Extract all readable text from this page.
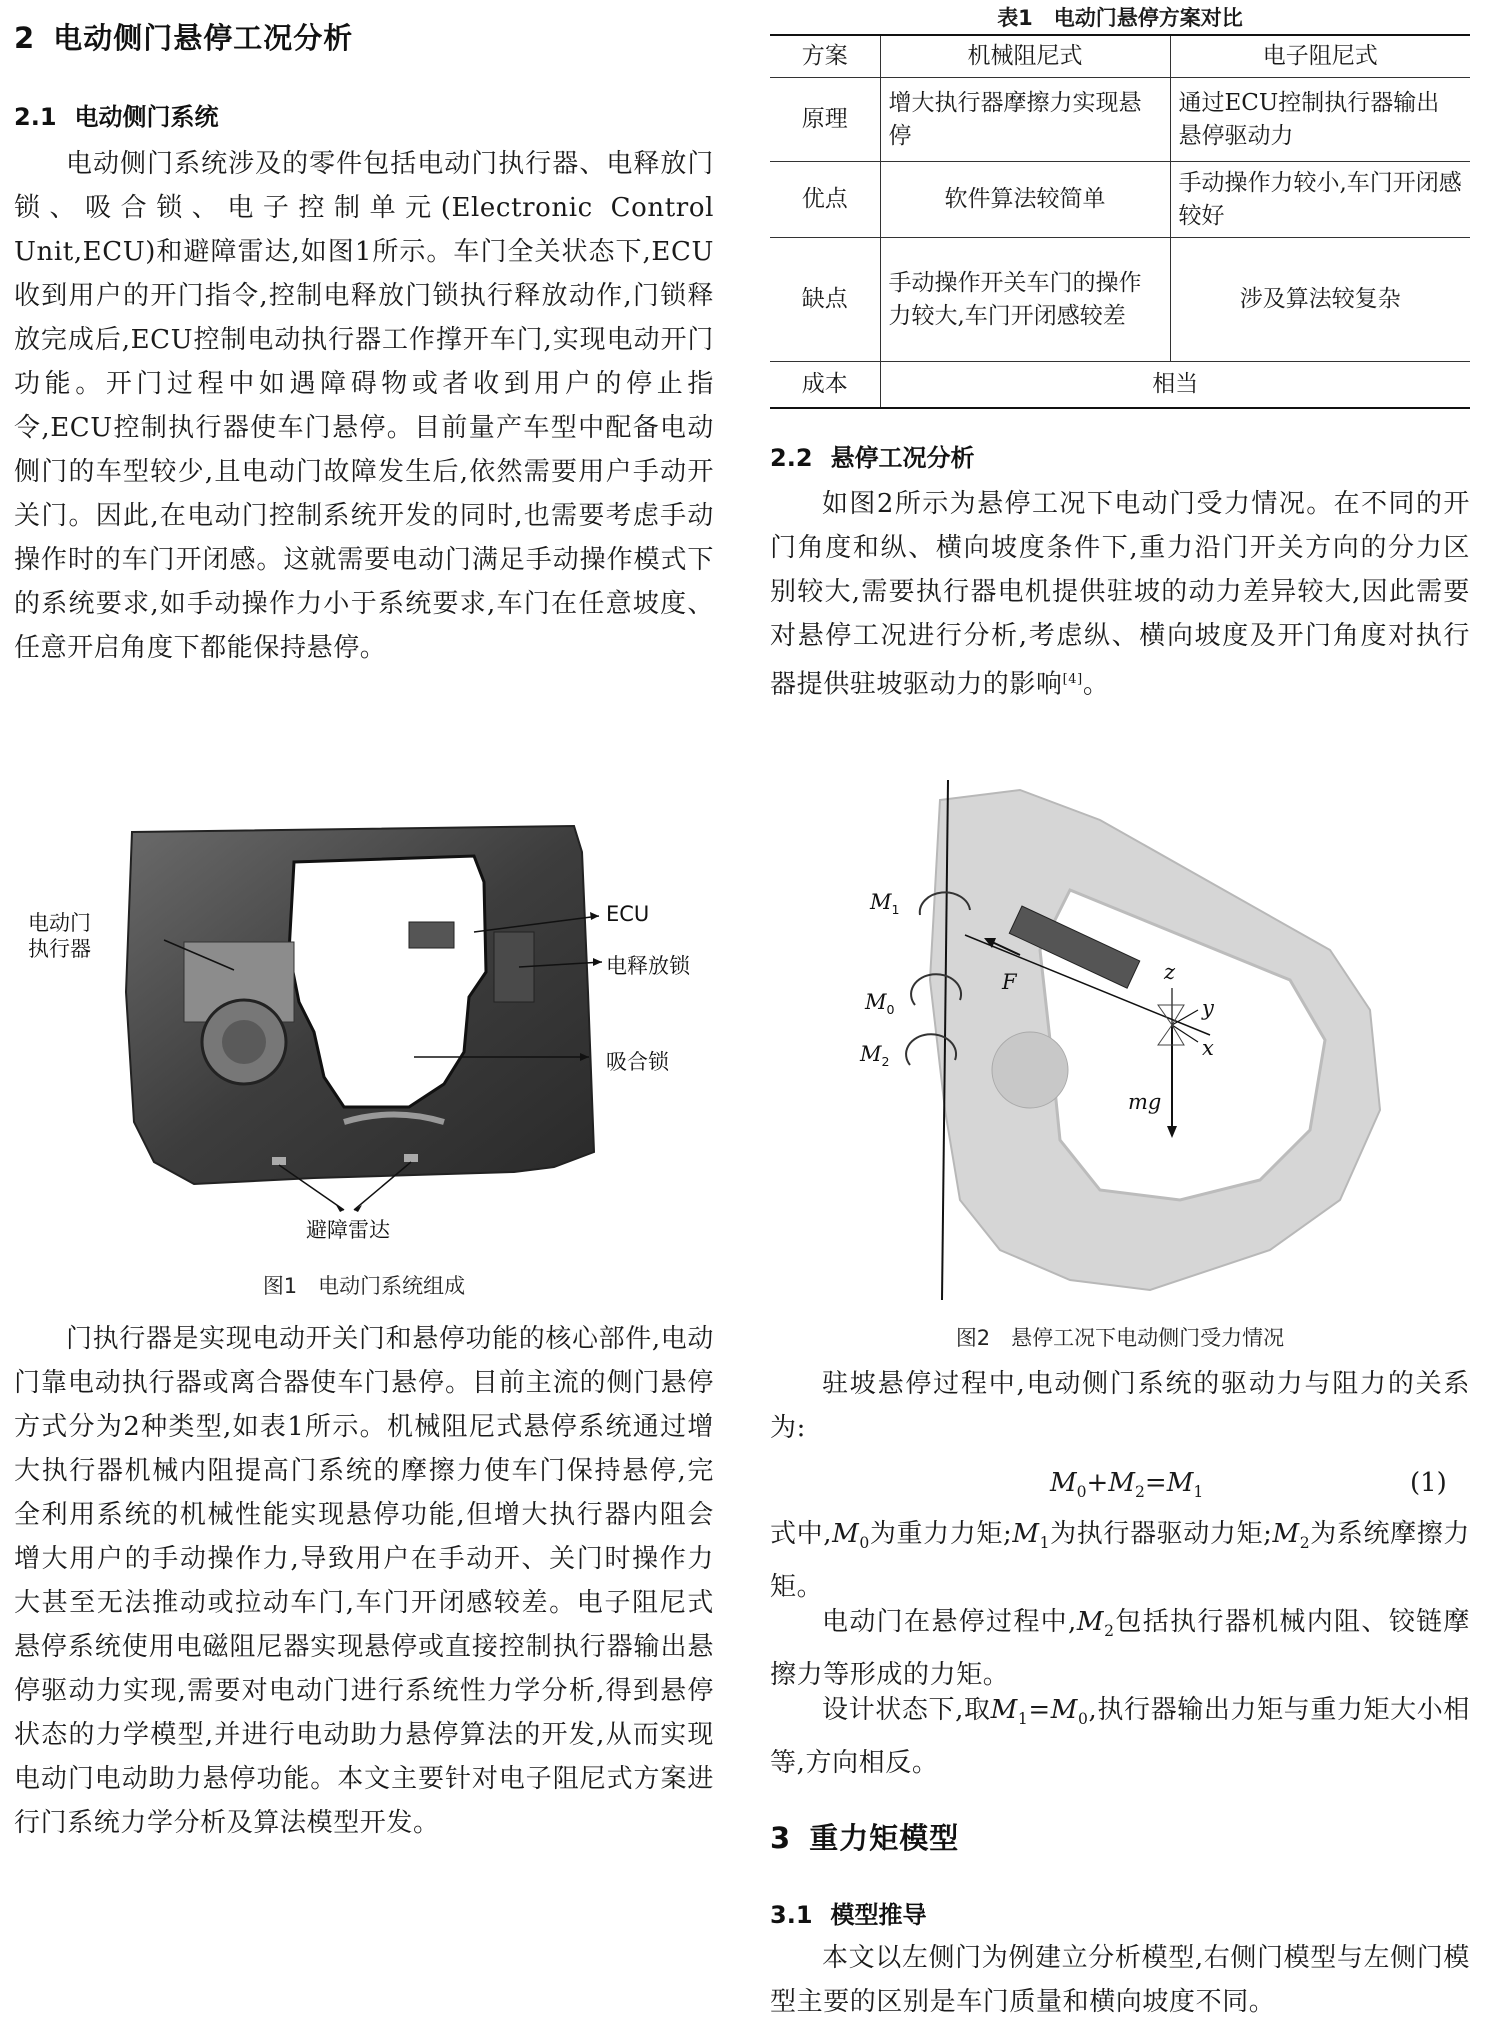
2 电动侧门悬停工况分析
2.1 电动侧门系统

电动侧门系统涉及的零件包括电动门执行器、电释放门锁、吸合锁、电子控制单元(Electronic Control Unit,ECU)和避障雷达,如图1所示。车门全关状态下,ECU收到用户的开门指令,控制电释放门锁执行释放动作,门锁释放完成后,ECU控制电动执行器工作撑开车门,实现电动开门功能。开门过程中如遇障碍物或者收到用户的停止指令,ECU控制执行器使车门悬停。目前量产车型中配备电动侧门的车型较少,且电动门故障发生后,依然需要用户手动开关门。因此,在电动门控制系统开发的同时,也需要考虑手动操作时的车门开闭感。这就需要电动门满足手动操作模式下的系统要求,如手动操作力小于系统要求,车门在任意坡度、任意开启角度下都能保持悬停。

电动门
执行器
ECU
电释放锁
吸合锁
避障雷达
图1　电动门系统组成

门执行器是实现电动开关门和悬停功能的核心部件,电动门靠电动执行器或离合器使车门悬停。目前主流的侧门悬停方式分为2种类型,如表1所示。机械阻尼式悬停系统通过增大执行器机械内阻提高门系统的摩擦力使车门保持悬停,完全利用系统的机械性能实现悬停功能,但增大执行器内阻会增大用户的手动操作力,导致用户在手动开、关门时操作力大甚至无法推动或拉动车门,车门开闭感较差。电子阻尼式悬停系统使用电磁阻尼器实现悬停或直接控制执行器输出悬停驱动力实现,需要对电动门进行系统性力学分析,得到悬停状态的力学模型,并进行电动助力悬停算法的开发,从而实现电动门电动助力悬停功能。本文主要针对电子阻尼式方案进行门系统力学分析及算法模型开发。

表1　电动门悬停方案对比
方案	机械阻尼式	电子阻尼式
原理	增大执行器摩擦力实现悬停	通过ECU控制执行器输出悬停驱动力
优点	软件算法较简单	手动操作力较小,车门开闭感较好
缺点	手动操作开关车门的操作力较大,车门开闭感较差	涉及算法较复杂
成本	相当	
2.2 悬停工况分析

如图2所示为悬停工况下电动门受力情况。在不同的开门角度和纵、横向坡度条件下,重力沿门开关方向的分力区别较大,需要执行器电机提供驻坡的动力差异较大,因此需要对悬停工况进行分析,考虑纵、横向坡度及开门角度对执行器提供驻坡驱动力的影响[4]。

$M_1$
$M_0$
$M_2$
F	z
y
x
mg
图2　悬停工况下电动侧门受力情况

驻坡悬停过程中,电动侧门系统的驱动力与阻力的关系为:

$M_0+M_2=M_1$	(1)

式中$,M_0$为重力力矩$;M_1$为执行器驱动力矩$;M_2$为系统摩擦力矩。

电动门在悬停过程中$,M_2$包括执行器机械内阻、铰链摩擦力等形成的力矩。

设计状态下,取$M_1=M_0$,执行器输出力矩与重力矩大小相等,方向相反。

3 重力矩模型
3.1 模型推导

本文以左侧门为例建立分析模型,右侧门模型与左侧门模型主要的区别是车门质量和横向坡度不同。
